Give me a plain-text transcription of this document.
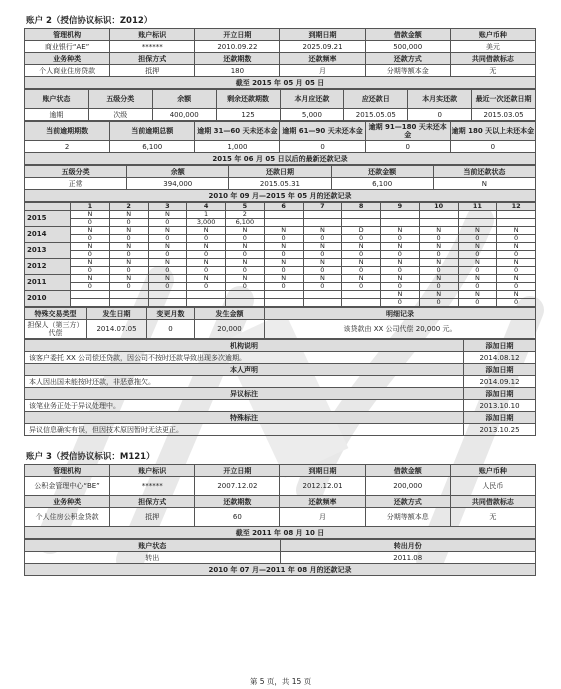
账户 2（授信协议标识：Z012）
管理机构	账户标识	开立日期	到期日期	借款金额	账户币种
商业银行“AE”	******	2010.09.22	2025.09.21	500,000	美元
业务种类	担保方式	还款期数	还款频率	还款方式	共同借款标志
个人商业住房贷款	抵押	180	月	分期等额本金	无
截至 2015 年 05 月 05 日					
账户状态	五级分类	余额	剩余还款期数	本月应还款	应还款日	本月实还款	最近一次还款日期
逾期	次级	400,000	125	5,000	2015.05.05	0	2015.03.05
当前逾期期数	当前逾期总额	逾期 31—60 天未还本金	逾期 61—90 天未还本金	逾期 91—180 天未还本金	逾期 180 天以上未还本金
2	6,100	1,000	0	0	0
2015 年 06 月 05 日以后的最新还款记录					
五级分类	余额	还款日期	还款金额	当前还款状态
正常	394,000	2015.05.31	6,100	N
2010 年 09 月—2015 年 05 月的还款记录				
	1	2	3	4	5	6	7	8	9	10	11	12
2015	N	N	N	1	2							
	0	0	0	3,000	6,100							
2014	N	N	N	N	N	N	N	D	N	N	N	N
	0	0	0	0	0	0	0	0	0	0	0	0
2013	N	N	N	N	N	N	N	N	N	N	N	N
	0	0	0	0	0	0	0	0	0	0	0	0
2012	N	N	N	N	N	N	N	N	N	N	N	N
	0	0	0	0	0	0	0	0	0	0	0	0
2011	N	N	N	N	N	N	N	N	N	N	N	N
	0	0	0	0	0	0	0	0	0	0	0	0
2010									N	N	N	N
									0	0	0	0
特殊交易类型	发生日期	变更月数	发生金额	明细记录
担保人（第三方）代偿	2014.07.05	0	20,000	该贷款由 XX 公司代偿 20,000 元。
机构说明	添加日期
该客户委托 XX 公司偿还贷款，因公司不按时还款导致出现多次逾期。	2014.08.12
本人声明	添加日期
本人因出国未能按时还款，非恶意拖欠。	2014.09.12
异议标注	添加日期
该笔业务正处于异议处理中。	2013.10.10
特殊标注	添加日期
异议信息确实有误，但因技术原因暂时无法更正。	2013.10.25
账户 3（授信协议标识：M121）
管理机构	账户标识	开立日期	到期日期	借款金额	账户币种
公积金管理中心“BE”	******	2007.12.02	2012.12.01	200,000	人民币
业务种类	担保方式	还款期数	还款频率	还款方式	共同借款标志
个人住房公积金贷款	抵押	60	月	分期等额本息	无
截至 2011 年 08 月 10 日					
账户状态	转出月份
转出	2011.08
2010 年 07 月—2011 年 08 月的还款记录	
第 5 页，共 15 页
